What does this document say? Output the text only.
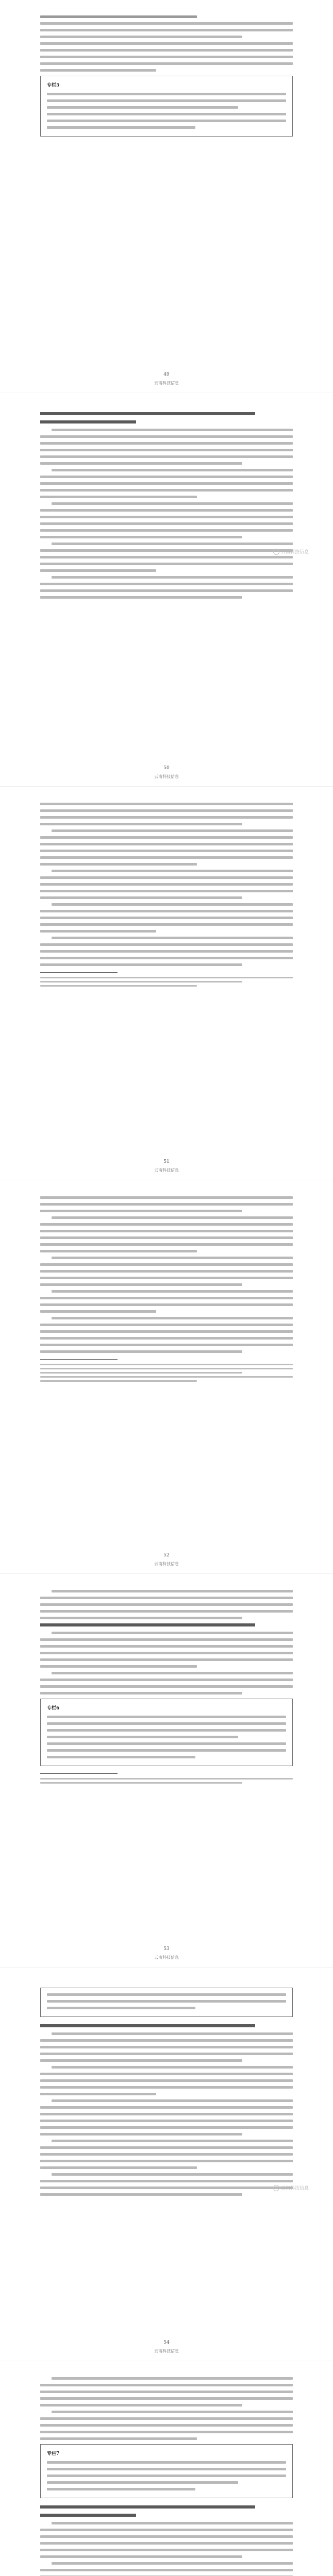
专栏5
49
云南科技信息
云南科技信息
50
云南科技信息
51
云南科技信息
52
云南科技信息
专栏6
53
云南科技信息
云南科技信息
54
云南科技信息
专栏7
